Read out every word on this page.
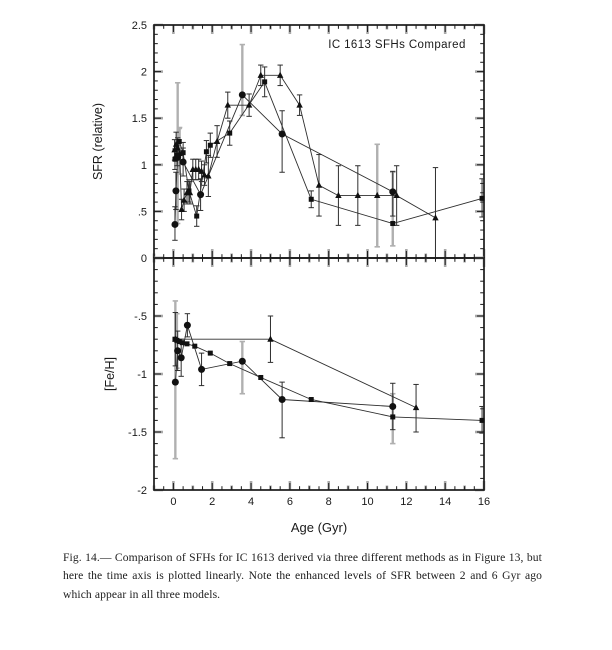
IC 1613 SFHs Compared
0
.5
1
1.5
2
2.5
SFR (relative)
-.5
-1
-1.5
-2
0	2	4	6	8	10 12 14 16
[Fe/H]
Age (Gyr)
Fig. 14.— Comparison of SFHs for IC 1613 derived via three different methods as in Figure 13, but here the time axis is plotted linearly. Note the enhanced levels of SFR between 2 and 6 Gyr ago which appear in all three models.
